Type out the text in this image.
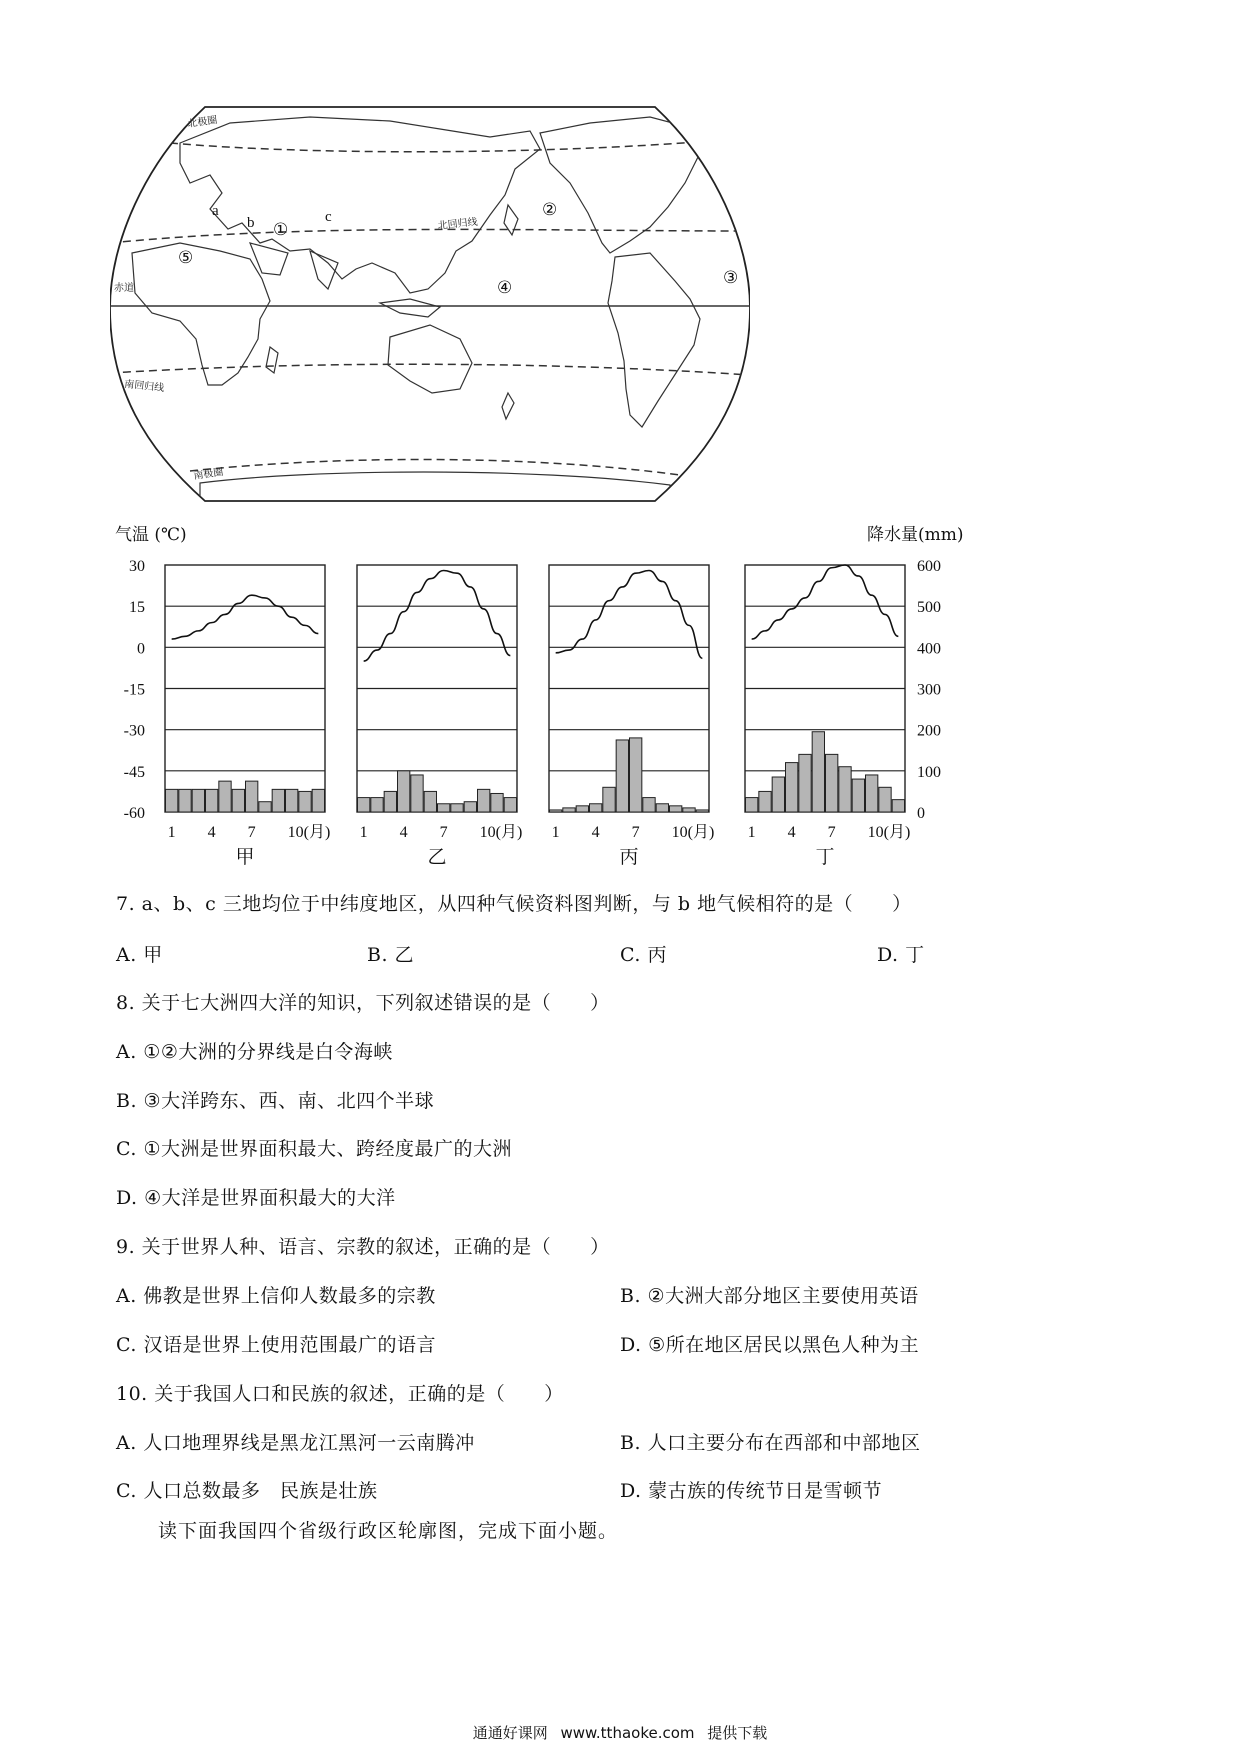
北极圈
北回归线
赤道
南回归线
南极圈
a
b	c
①
②
③
④
⑤
气温 (℃)	降水量(mm)
30
15
0
-15
-30
-45
-60
600
500
400
300
200
100
0
1 4 7 10(月)
甲
1 4 7 10(月)
乙
1 4 7 10(月)
丙
1 4 7 10(月)
丁
7. a、b、c 三地均位于中纬度地区，从四种气候资料图判断，与 b 地气候相符的是（　　）
A. 甲	B. 乙	C. 丙	D. 丁
8. 关于七大洲四大洋的知识，下列叙述错误的是（　　）
A. ①②大洲的分界线是白令海峡
B. ③大洋跨东、西、南、北四个半球
C. ①大洲是世界面积最大、跨经度最广的大洲
D. ④大洋是世界面积最大的大洋
9. 关于世界人种、语言、宗教的叙述，正确的是（　　）
A. 佛教是世界上信仰人数最多的宗教	B. ②大洲大部分地区主要使用英语
C. 汉语是世界上使用范围最广的语言	D. ⑤所在地区居民以黑色人种为主
10. 关于我国人口和民族的叙述，正确的是（　　）
A. 人口地理界线是黑龙江黑河一云南腾冲	B. 人口主要分布在西部和中部地区
C. 人口总数最多　民族是壮族	D. 蒙古族的传统节日是雪顿节
读下面我国四个省级行政区轮廓图，完成下面小题。
通通好课网 www.tthaoke.com 提供下载
